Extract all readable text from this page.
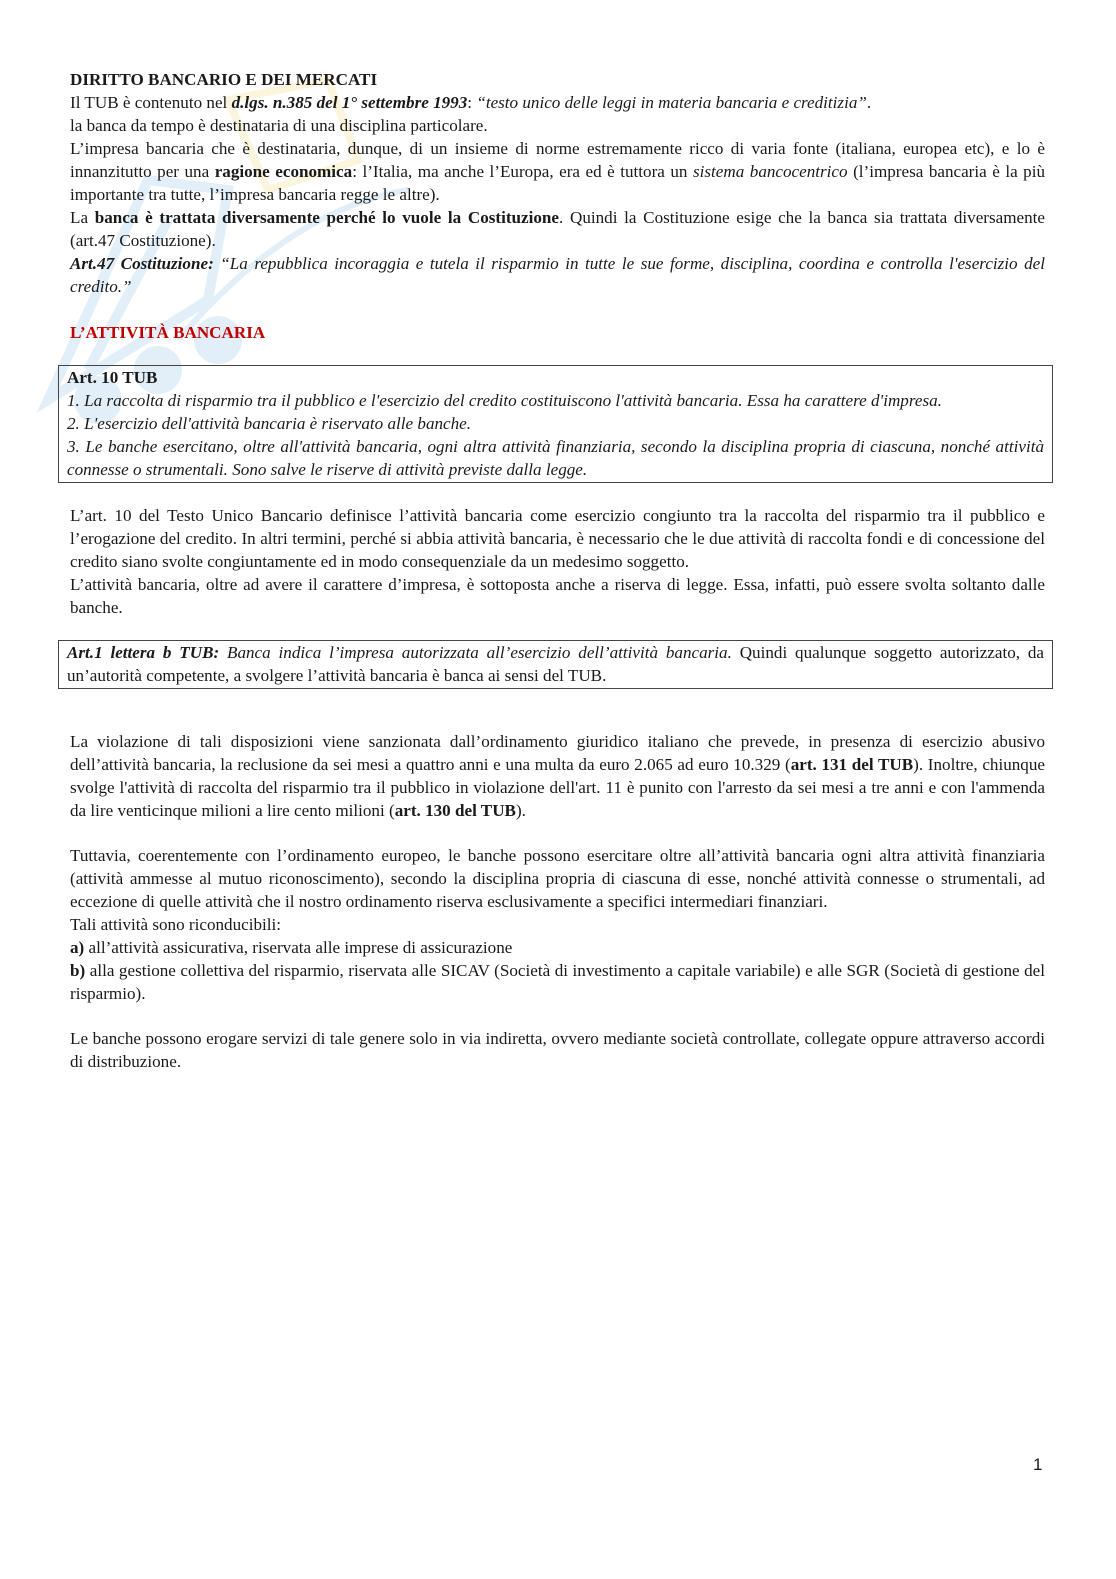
DIRITTO BANCARIO E DEI MERCATI

Il TUB è contenuto nel d.lgs. n.385 del 1° settembre 1993: “testo unico delle leggi in materia bancaria e creditizia”.

la banca da tempo è destinataria di una disciplina particolare.

L’impresa bancaria che è destinataria, dunque, di un insieme di norme estremamente ricco di varia fonte (italiana, europea etc), e lo è innanzitutto per una ragione economica: l’Italia, ma anche l’Europa, era ed è tuttora un sistema bancocentrico (l’impresa bancaria è la più importante tra tutte, l’impresa bancaria regge le altre).

La banca è trattata diversamente perché lo vuole la Costituzione. Quindi la Costituzione esige che la banca sia trattata diversamente (art.47 Costituzione).

Art.47 Costituzione: “La repubblica incoraggia e tutela il risparmio in tutte le sue forme, disciplina, coordina e controlla l'esercizio del credito.”

L’ATTIVITÀ BANCARIA

Art. 10 TUB

1. La raccolta di risparmio tra il pubblico e l'esercizio del credito costituiscono l'attività bancaria. Essa ha carattere d'impresa.

2. L'esercizio dell'attività bancaria è riservato alle banche.

3. Le banche esercitano, oltre all'attività bancaria, ogni altra attività finanziaria, secondo la disciplina propria di ciascuna, nonché attività connesse o strumentali. Sono salve le riserve di attività previste dalla legge.

L’art. 10 del Testo Unico Bancario definisce l’attività bancaria come esercizio congiunto tra la raccolta del risparmio tra il pubblico e l’erogazione del credito. In altri termini, perché si abbia attività bancaria, è necessario che le due attività di raccolta fondi e di concessione del credito siano svolte congiuntamente ed in modo consequenziale da un medesimo soggetto.

L’attività bancaria, oltre ad avere il carattere d’impresa, è sottoposta anche a riserva di legge. Essa, infatti, può essere svolta soltanto dalle banche.

Art.1 lettera b TUB: Banca indica l’impresa autorizzata all’esercizio dell’attività bancaria. Quindi qualunque soggetto autorizzato, da un’autorità competente, a svolgere l’attività bancaria è banca ai sensi del TUB.

La violazione di tali disposizioni viene sanzionata dall’ordinamento giuridico italiano che prevede, in presenza di esercizio abusivo dell’attività bancaria, la reclusione da sei mesi a quattro anni e una multa da euro 2.065 ad euro 10.329 (art. 131 del TUB). Inoltre, chiunque svolge l'attività di raccolta del risparmio tra il pubblico in violazione dell'art. 11 è punito con l'arresto da sei mesi a tre anni e con l'ammenda da lire venticinque milioni a lire cento milioni (art. 130 del TUB).

Tuttavia, coerentemente con l’ordinamento europeo, le banche possono esercitare oltre all’attività bancaria ogni altra attività finanziaria (attività ammesse al mutuo riconoscimento), secondo la disciplina propria di ciascuna di esse, nonché attività connesse o strumentali, ad eccezione di quelle attività che il nostro ordinamento riserva esclusivamente a specifici intermediari finanziari.

Tali attività sono riconducibili:

a) all’attività assicurativa, riservata alle imprese di assicurazione

b) alla gestione collettiva del risparmio, riservata alle SICAV (Società di investimento a capitale variabile) e alle SGR (Società di gestione del risparmio).

Le banche possono erogare servizi di tale genere solo in via indiretta, ovvero mediante società controllate, collegate oppure attraverso accordi di distribuzione.

1
